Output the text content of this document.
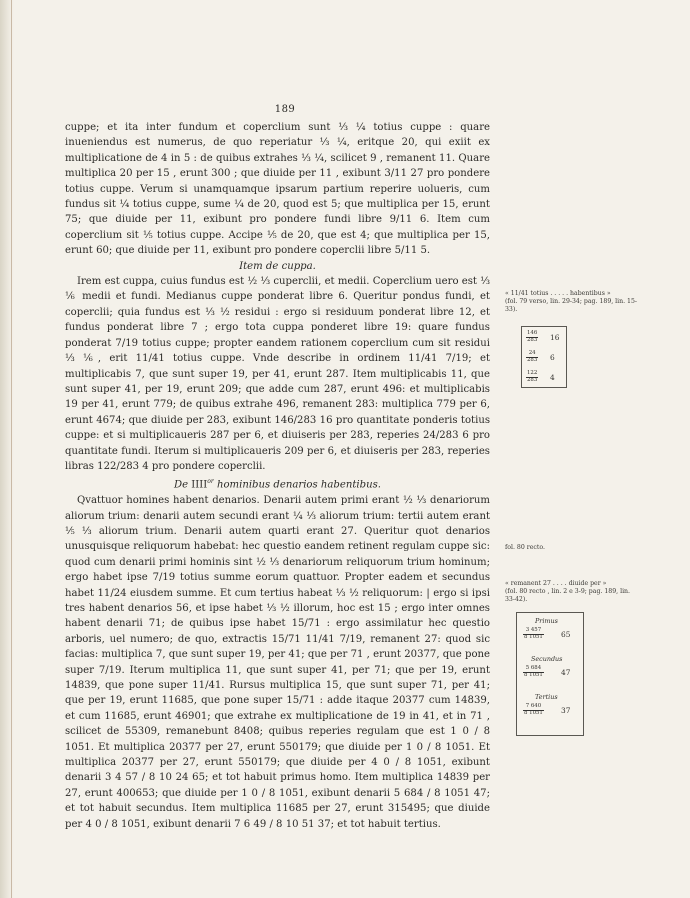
189

cuppe; et ita inter fundum et coperclium sunt ⅓ ¼ totius cuppe : quare inueniendus est numerus, de quo reperiatur ⅓ ¼, eritque 20, qui exiit ex multiplicatione de 4 in 5 : de quibus extrahes ⅓ ¼, scilicet 9 , remanent 11. Quare multiplica 20 per 15 , erunt 300 ; que diuide per 11 , exibunt 3/11 27 pro pondere totius cuppe. Verum si unamquamque ipsarum partium reperire uolueris, cum fundus sit ¼ totius cuppe, sume ¼ de 20, quod est 5; que multiplica per 15, erunt 75; que diuide per 11, exibunt pro pondere fundi libre 9/11 6. Item cum coperclium sit ⅕ totius cuppe. Accipe ⅕ de 20, que est 4; que multiplica per 15, erunt 60; que diuide per 11, exibunt pro pondere coperclii libre 5/11 5.

Item de cuppa.

Irem est cuppa, cuius fundus est ½ ⅓ cuperclii, et medii. Coperclium uero est ⅓ ⅙ medii et fundi. Medianus cuppe ponderat libre 6. Queritur pondus fundi, et coperclii; quia fundus est ⅓ ½ residui : ergo si residuum ponderat libre 12, et fundus ponderat libre 7 ; ergo tota cuppa ponderet libre 19: quare fundus ponderat 7/19 totius cuppe; propter eandem rationem coperclium cum sit residui ⅓ ⅙, erit 11/41 totius cuppe. Vnde describe in ordinem 11/41 7/19; et multiplicabis 7, que sunt super 19, per 41, erunt 287. Item multiplicabis 11, que sunt super 41, per 19, erunt 209; que adde cum 287, erunt 496: et multiplicabis 19 per 41, erunt 779; de quibus extrahe 496, remanent 283: multiplica 779 per 6, erunt 4674; que diuide per 283, exibunt 146/283 16 pro quantitate ponderis totius cuppe: et si multiplicaueris 287 per 6, et diuiseris per 283, reperies 24/283 6 pro quantitate fundi. Iterum si multiplicaueris 209 per 6, et diuiseris per 283, reperies libras 122/283 4 pro pondere coperclii.

De $IIII^{or}$ hominibus denarios habentibus.

Qvattuor homines habent denarios. Denarii autem primi erant ½ ⅓ denariorum aliorum trium: denarii autem secundi erant ¼ ⅓ aliorum trium: tertii autem erant ⅕ ⅓ aliorum trium. Denarii autem quarti erant 27. Queritur quot denarios unusquisque reliquorum habebat: hec questio eandem retinent regulam cuppe sic: quod cum denarii primi hominis sint ½ ⅓ denariorum reliquorum trium hominum; ergo habet ipse 7/19 totius summe eorum quattuor. Propter eadem et secundus habet 11/24 eiusdem summe. Et cum tertius habeat ⅓ ½ reliquorum: | ergo si ipsi tres habent denarios 56, et ipse habet ⅓ ½ illorum, hoc est 15 ; ergo inter omnes habent denarii 71; de quibus ipse habet 15/71 : ergo assimilatur hec questio arboris, uel numero; de quo, extractis 15/71 11/41 7/19, remanent 27: quod sic facias: multiplica 7, que sunt super 19, per 41; que per 71 , erunt 20377, que pone super 7/19. Iterum multiplica 11, que sunt super 41, per 71; que per 19, erunt 14839, que pone super 11/41. Rursus multiplica 15, que sunt super 71, per 41; que per 19, erunt 11685, que pone super 15/71 : adde itaque 20377 cum 14839, et cum 11685, erunt 46901; que extrahe ex multiplicatione de 19 in 41, et in 71 , scilicet de 55309, remanebunt 8408; quibus reperies regulam que est 1 0 / 8 1051. Et multiplica 20377 per 27, erunt 550179; que diuide per 1 0 / 8 1051. Et multiplica 20377 per 27, erunt 550179; que diuide per 4 0 / 8 1051, exibunt denarii 3 4 57 / 8 10 24 65; et tot habuit primus homo. Item multiplica 14839 per 27, erunt 400653; que diuide per 1 0 / 8 1051, exibunt denarii 5 684 / 8 1051 47; et tot habuit secundus. Item multiplica 11685 per 27, erunt 315495; que diuide per 4 0 / 8 1051, exibunt denarii 7 6 49 / 8 10 51 37; et tot habuit tertius.

« 11/41 totius . . . . . habentibus »
(fol. 79 verso, lin. 29-34; pag. 189, lin. 15-33).
$\frac{146}{283} 16$
$\frac{24}{283} 6$
$\frac{122}{283} 4$
fol. 80 recto.
« remanent 27 . . . . diuide per »
(fol. 80 recto , lin. 2 e 3-9; pag. 189, lin. 33-42).
Primus
$\frac{3 457}{8 1051} 65$
Secundus
$\frac{5 684}{8 1051} 47$
Tertius
$\frac{7 640}{8 1051} 37$
